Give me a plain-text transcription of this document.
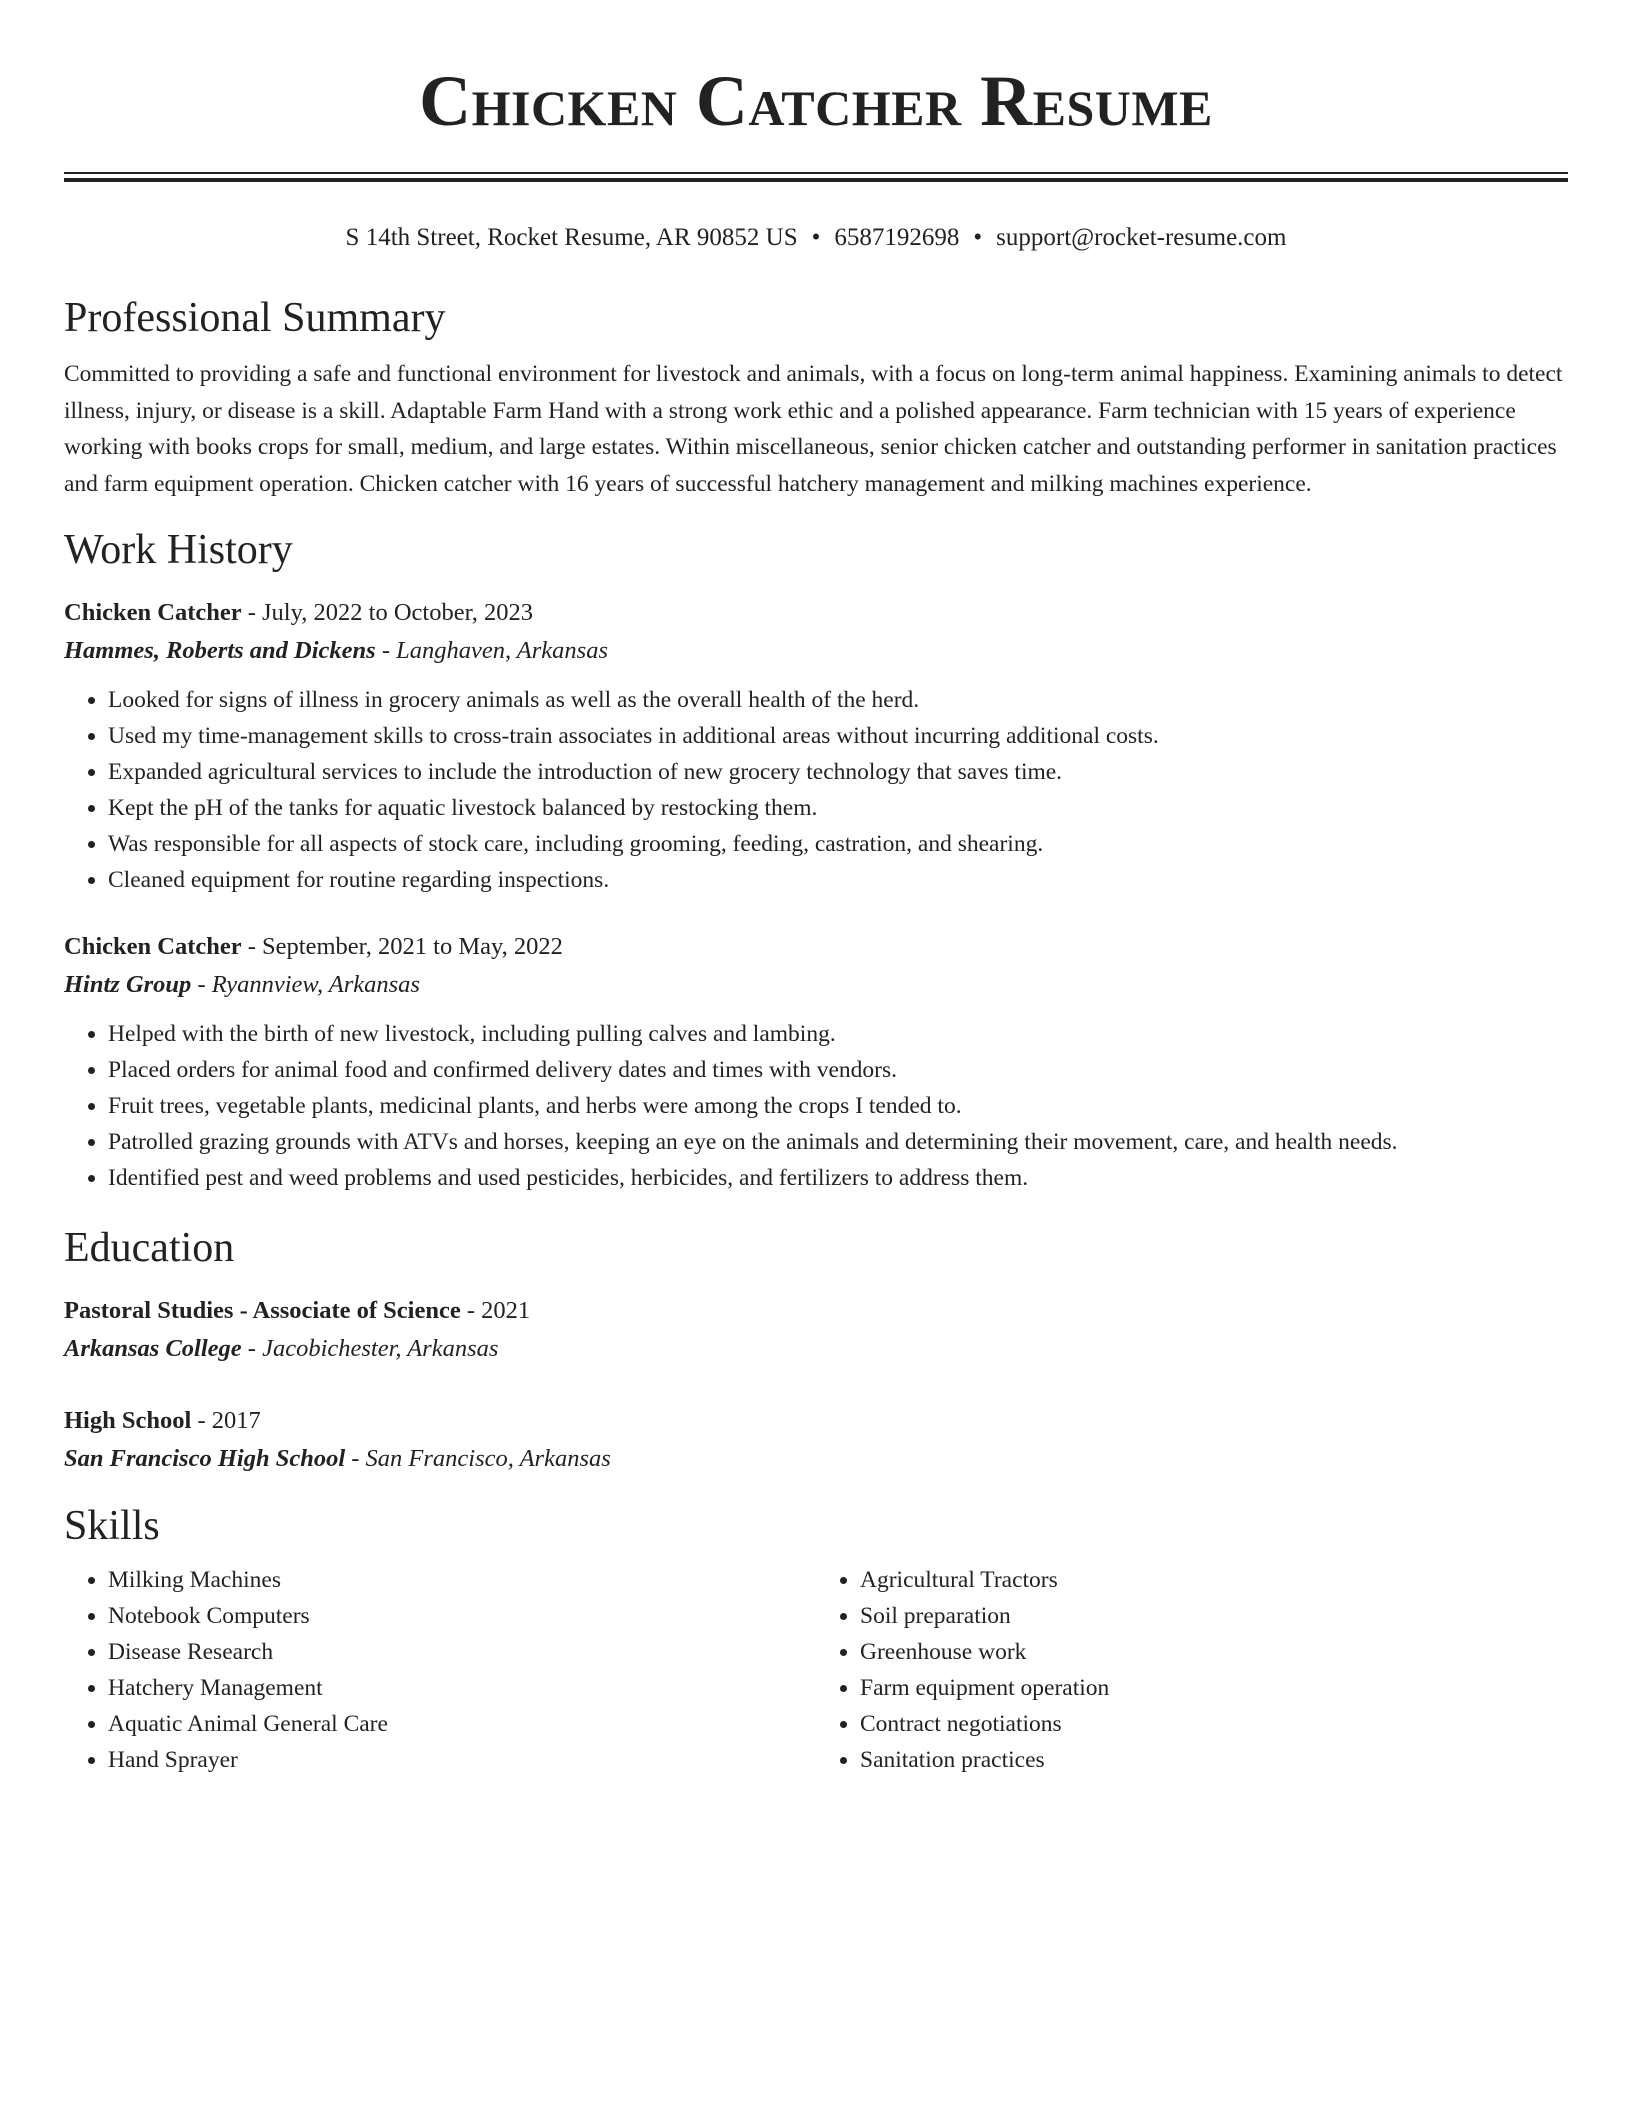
Chicken Catcher Resume
S 14th Street, Rocket Resume, AR 90852 US • 6587192698 • support@rocket-resume.com
Professional Summary
Committed to providing a safe and functional environment for livestock and animals, with a focus on long-term animal happiness. Examining animals to detect illness, injury, or disease is a skill. Adaptable Farm Hand with a strong work ethic and a polished appearance. Farm technician with 15 years of experience working with books crops for small, medium, and large estates. Within miscellaneous, senior chicken catcher and outstanding performer in sanitation practices and farm equipment operation. Chicken catcher with 16 years of successful hatchery management and milking machines experience.
Work History
Chicken Catcher - July, 2022 to October, 2023
Hammes, Roberts and Dickens - Langhaven, Arkansas
• Looked for signs of illness in grocery animals as well as the overall health of the herd.
• Used my time-management skills to cross-train associates in additional areas without incurring additional costs.
• Expanded agricultural services to include the introduction of new grocery technology that saves time.
• Kept the pH of the tanks for aquatic livestock balanced by restocking them.
• Was responsible for all aspects of stock care, including grooming, feeding, castration, and shearing.
• Cleaned equipment for routine regarding inspections.
Chicken Catcher - September, 2021 to May, 2022
Hintz Group - Ryannview, Arkansas
• Helped with the birth of new livestock, including pulling calves and lambing.
• Placed orders for animal food and confirmed delivery dates and times with vendors.
• Fruit trees, vegetable plants, medicinal plants, and herbs were among the crops I tended to.
• Patrolled grazing grounds with ATVs and horses, keeping an eye on the animals and determining their movement, care, and health needs.
• Identified pest and weed problems and used pesticides, herbicides, and fertilizers to address them.
Education
Pastoral Studies - Associate of Science - 2021
Arkansas College - Jacobichester, Arkansas
High School - 2017
San Francisco High School - San Francisco, Arkansas
Skills
• Milking Machines
• Notebook Computers
• Disease Research
• Hatchery Management
• Aquatic Animal General Care
• Hand Sprayer
• Agricultural Tractors
• Soil preparation
• Greenhouse work
• Farm equipment operation
• Contract negotiations
• Sanitation practices
